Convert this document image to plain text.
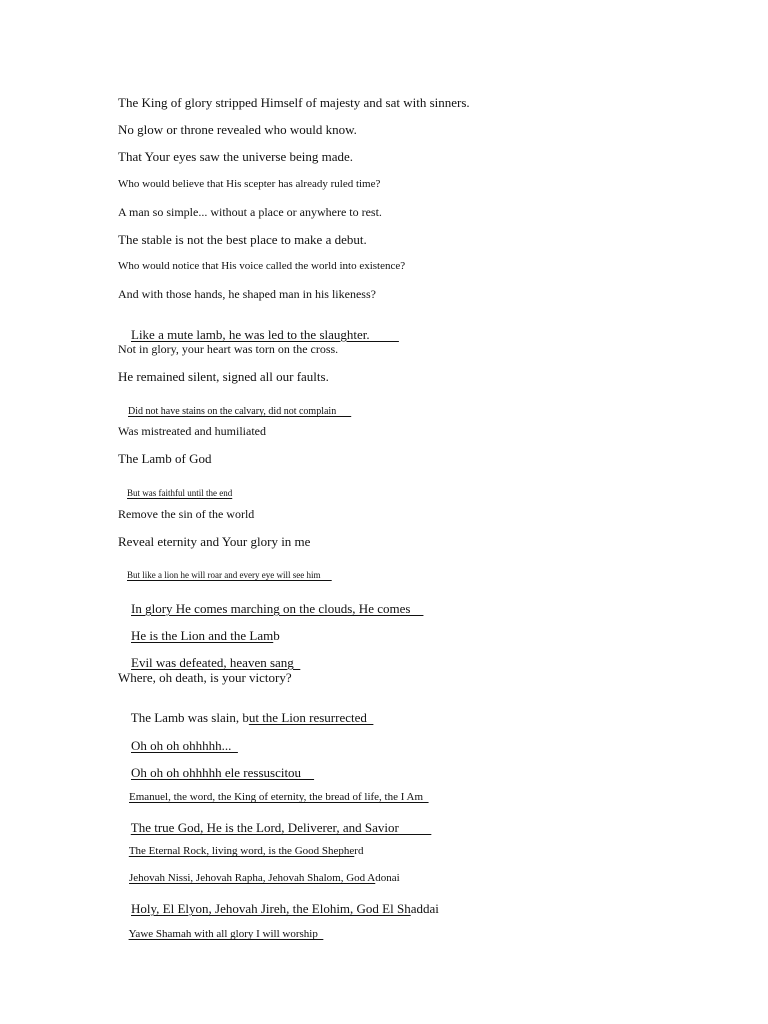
The King of glory stripped Himself of majesty and sat with sinners.
No glow or throne revealed who would know.
That Your eyes saw the universe being made.
Who would believe that His scepter has already ruled time?
A man so simple... without a place or anywhere to rest.
The stable is not the best place to make a debut.
Who would notice that His voice called the world into existence?
And with those hands, he shaped man in his likeness?

Like a mute lamb, he was led to the slaughter.

Not in glory, your heart was torn on the cross.
He remained silent, signed all our faults.

Did not have stains on the calvary, did not complain

Was mistreated and humiliated
The Lamb of God

But was faithful until the end

Remove the sin of the world
Reveal eternity and Your glory in me

But like a lion he will roar and every eye will see him

In glory He comes marching on the clouds, He comes

He is the Lion and the Lamb

Evil was defeated, heaven sang

Where, oh death, is your victory?

The Lamb was slain, but the Lion resurrected

Oh oh oh ohhhhh...

Oh oh oh ohhhhh ele ressuscitou

Emanuel, the word, the King of eternity, the bread of life, the I Am

The true God, He is the Lord, Deliverer, and Savior

The Eternal Rock, living word, is the Good Shepherd

Jehovah Nissi, Jehovah Rapha, Jehovah Shalom, God Adonai

Holy, El Elyon, Jehovah Jireh, the Elohim, God El Shaddai

Yawe Shamah with all glory I will worship
